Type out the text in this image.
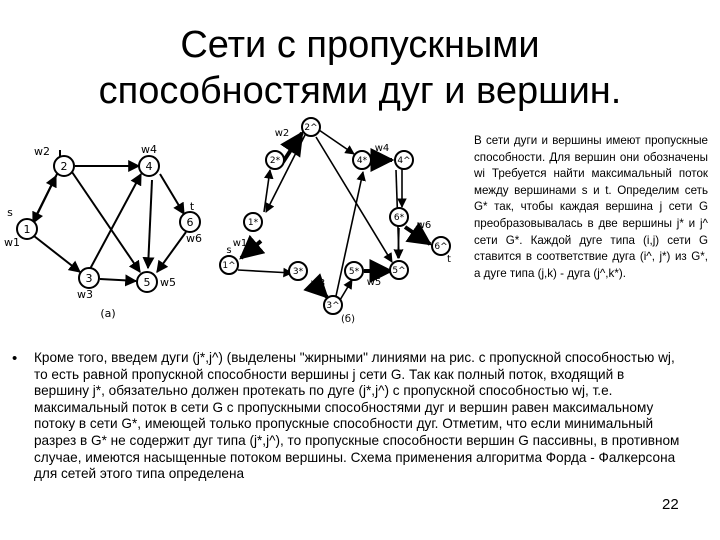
Сети с пропускными
способностями дуг и вершин.
1
2
3
4
5
6
w1
w2
w3
w4
w5
w6
s	t
(а)
1*
1^
2*
2^
3*
3^
4*	4^
5*	5^
6*
6^
w1
w2
w3
w4
w5
w6
s
t
(б)
В сети дуги и вершины имеют пропускные способности. Для вершин они обозначены wi Требуется найти максимальный поток между вершинами s и t. Определим сеть G* так, чтобы каждая вершина j сети G преобразовывалась в две вершины j* и j^ сети G*. Каждой дуге типа (i,j) сети G ставится в соответствие дуга (i^, j*) из G*, а дуге типа (j,k) - дуга (j^,k*).
• Кроме того, введем дуги (j*,j^) (выделены "жирными" линиями на рис. с пропускной способностью wj, то есть равной пропускной способности вершины j сети G. Так как полный поток, входящий в вершину j*, обязательно должен протекать по дуге (j*,j^) с пропускной способностью wj, т.е. максимальный поток в сети G с пропускными способностями дуг и вершин равен максимальному потоку в сети G*, имеющей только пропускные способности дуг. Отметим, что если минимальный разрез в G* не содержит дуг типа (j*,j^), то пропускные способности вершин G пассивны, в противном случае, имеются насыщенные потоком вершины. Схема применения алгоритма Форда - Фалкерсона для сетей этого типа определена
22
